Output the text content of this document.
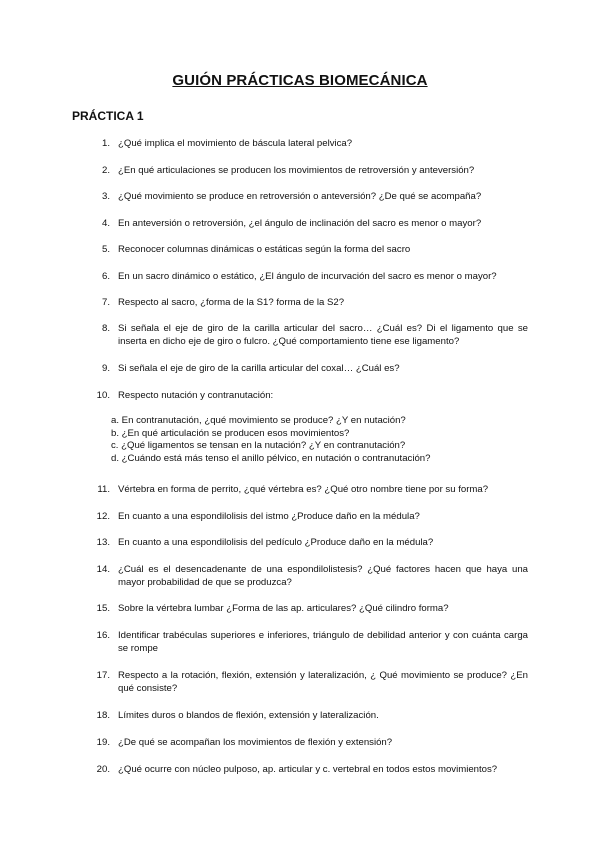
GUIÓN PRÁCTICAS BIOMECÁNICA
PRÁCTICA 1
1. ¿Qué implica el movimiento de báscula lateral pelvica?
2. ¿En qué articulaciones se producen los movimientos de retroversión y anteversión?
3. ¿Qué movimiento se produce en retroversión o anteversión? ¿De qué se acompaña?
4. En anteversión o retroversión, ¿el ángulo de inclinación del sacro es menor o mayor?
5. Reconocer columnas dinámicas o estáticas según la forma del sacro
6. En un sacro dinámico o estático, ¿El ángulo de incurvación del sacro es menor o mayor?
7. Respecto al sacro, ¿forma de la S1? forma de la S2?
8. Si señala el eje de giro de la carilla articular del sacro… ¿Cuál es? Di el ligamento que se inserta en dicho eje de giro o fulcro. ¿Qué comportamiento tiene ese ligamento?
9. Si señala el eje de giro de la carilla articular del coxal… ¿Cuál es?
10. Respecto nutación y contranutación:
a. En contranutación, ¿qué movimiento se produce? ¿Y en nutación?
b. ¿En qué articulación se producen esos movimientos?
c. ¿Qué ligamentos se tensan en la nutación? ¿Y en contranutación?
d. ¿Cuándo está más tenso el anillo pélvico, en nutación o contranutación?
11. Vértebra en forma de perrito, ¿qué vértebra es? ¿Qué otro nombre tiene por su forma?
12. En cuanto a una espondilolisis del istmo ¿Produce daño en la médula?
13. En cuanto a una espondilolisis del pedículo ¿Produce daño en la médula?
14. ¿Cuál es el desencadenante de una espondilolistesis? ¿Qué factores hacen que haya una mayor probabilidad de que se produzca?
15. Sobre la vértebra lumbar ¿Forma de las ap. articulares? ¿Qué cilindro forma?
16. Identificar trabéculas superiores e inferiores, triángulo de debilidad anterior y con cuánta carga se rompe
17. Respecto a la rotación, flexión, extensión y lateralización, ¿ Qué movimiento se produce? ¿En qué consiste?
18. Límites duros o blandos de flexión, extensión y lateralización.
19. ¿De qué se acompañan los movimientos de flexión y extensión?
20. ¿Qué ocurre con núcleo pulposo, ap. articular y c. vertebral en todos estos movimientos?
